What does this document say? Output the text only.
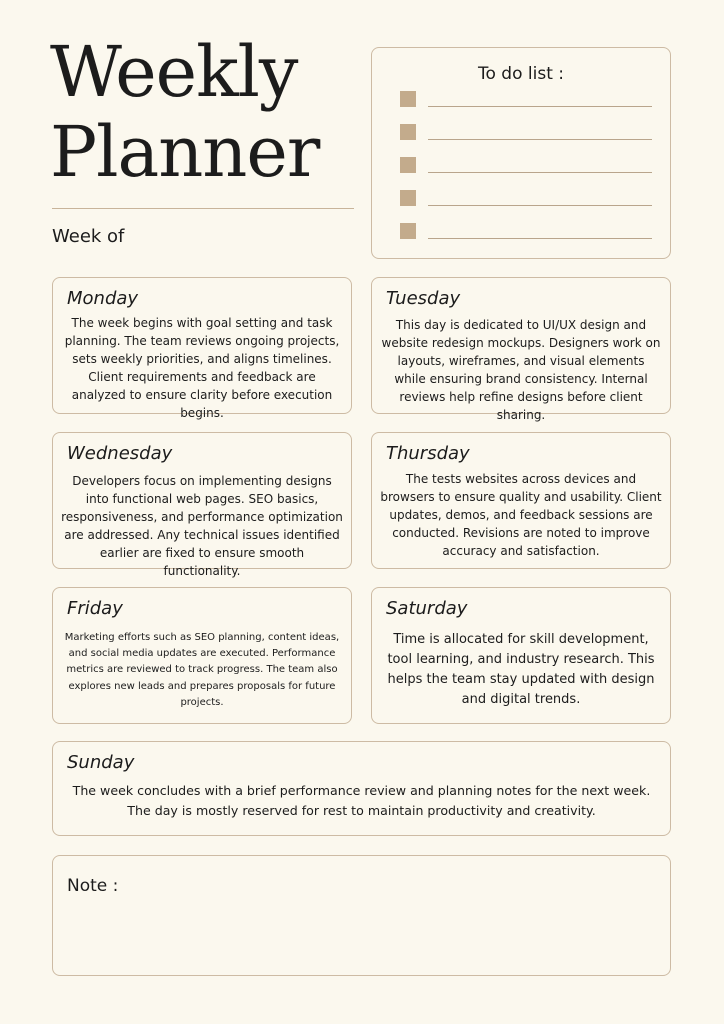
Weekly
Planner
Week of
To do list :
Monday
The week begins with goal setting and task planning. The team reviews ongoing projects, sets weekly priorities, and aligns timelines. Client requirements and feedback are analyzed to ensure clarity before execution begins.
Tuesday
This day is dedicated to UI/UX design and website redesign mockups. Designers work on layouts, wireframes, and visual elements while ensuring brand consistency. Internal reviews help refine designs before client sharing.
Wednesday
Developers focus on implementing designs into functional web pages. SEO basics, responsiveness, and performance optimization are addressed. Any technical issues identified earlier are fixed to ensure smooth functionality.
Thursday
The tests websites across devices and browsers to ensure quality and usability. Client updates, demos, and feedback sessions are conducted. Revisions are noted to improve accuracy and satisfaction.
Friday
Marketing efforts such as SEO planning, content ideas, and social media updates are executed. Performance metrics are reviewed to track progress. The team also explores new leads and prepares proposals for future projects.
Saturday
Time is allocated for skill development, tool learning, and industry research. This helps the team stay updated with design and digital trends.
Sunday
The week concludes with a brief performance review and planning notes for the next week. The day is mostly reserved for rest to maintain productivity and creativity.
Note :
